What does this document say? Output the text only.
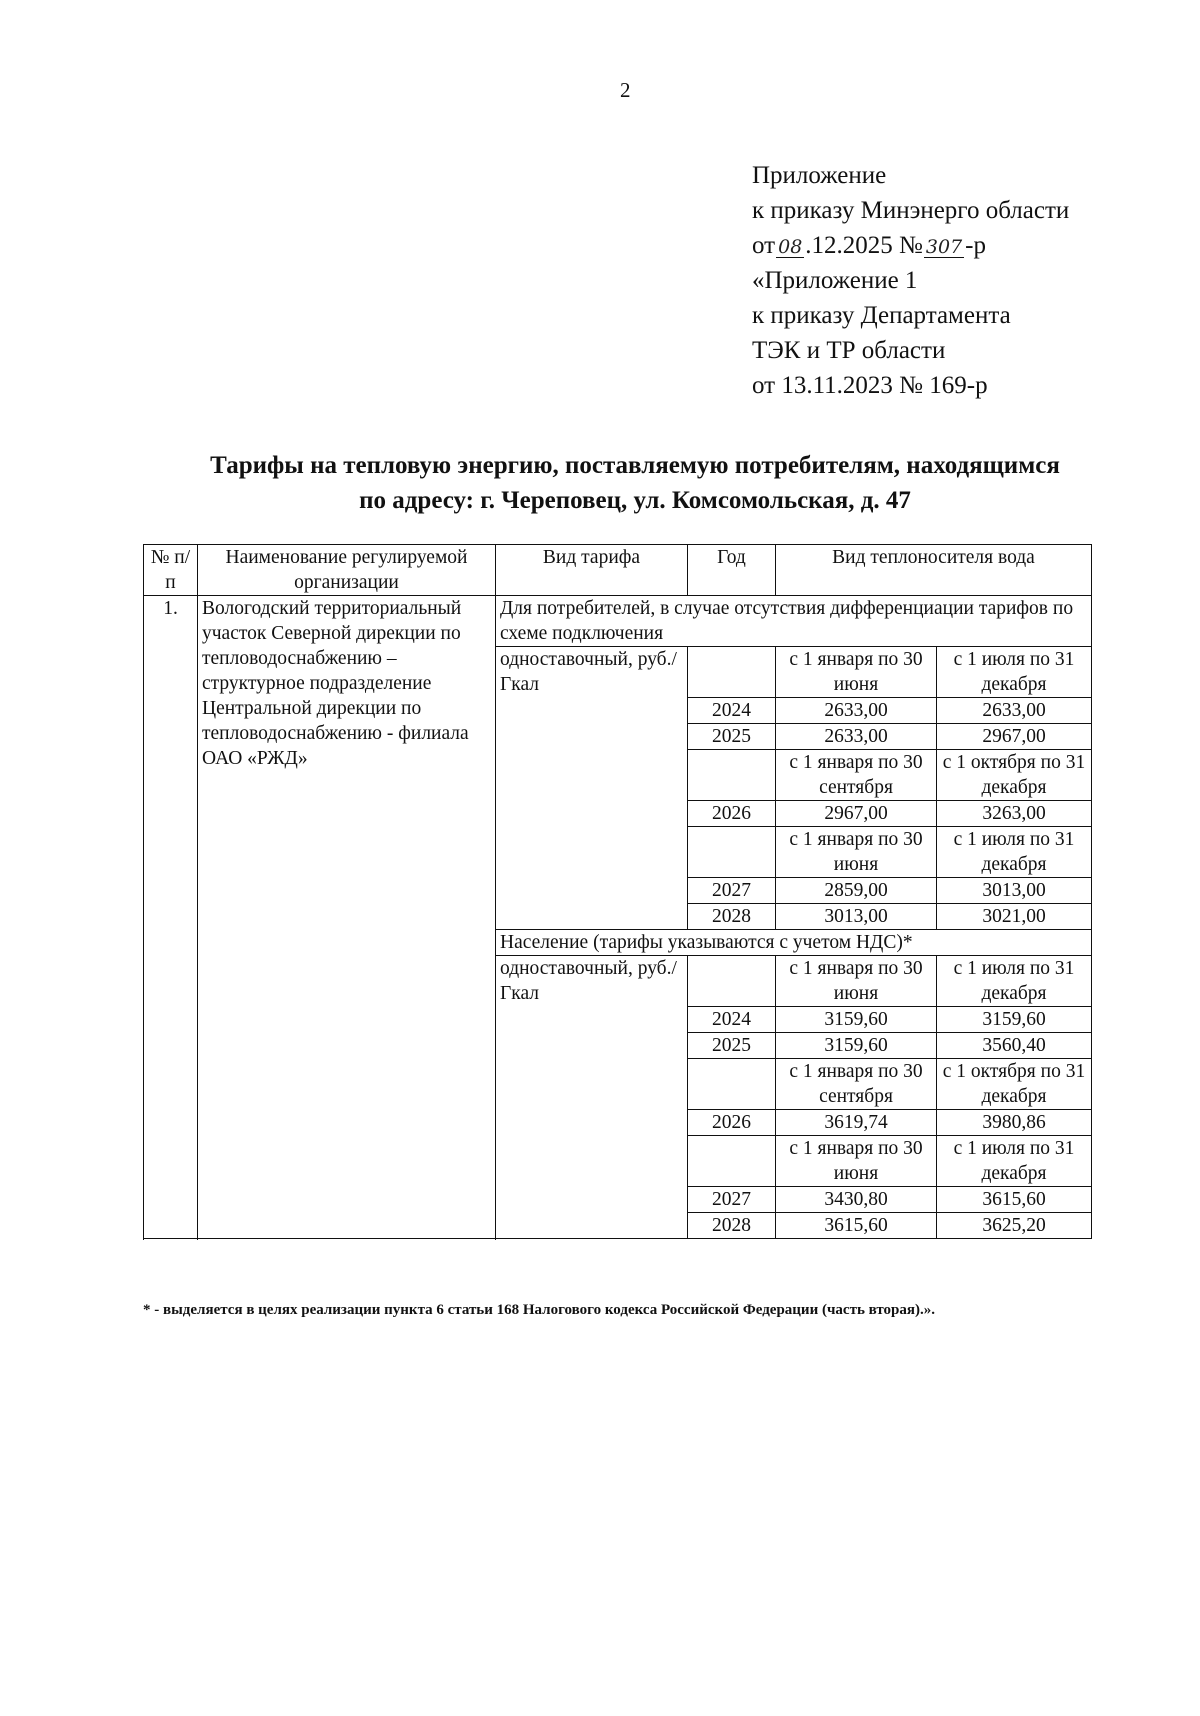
2
Приложение
к приказу Минэнерго области
от 08 .12.2025 № 307 -р
«Приложение 1
к приказу Департамента
ТЭК и ТР области
от 13.11.2023 № 169-р
Тарифы на тепловую энергию, поставляемую потребителям, находящимся
по адресу: г. Череповец, ул. Комсомольская, д. 47
№ п/п	Наименование регулируемой организации	Вид тарифа	Год	Вид теплоносителя вода	
1.	Вологодский территориальный участок Северной дирекции по тепловодоснабжению – структурное подразделение Центральной дирекции по тепловодоснабжению - филиала ОАО «РЖД»	Для потребителей, в случае отсутствия дифференциации тарифов по схеме подключения			
		одноставочный, руб./Гкал		с 1 января по 30 июня	с 1 июля по 31 декабря

			2024	2633,00	2633,00
			2025	2633,00	2967,00
				с 1 января по 30 сентября	с 1 октября по 31 декабря

			2026	2967,00	3263,00
				с 1 января по 30 июня	с 1 июля по 31 декабря

			2027	2859,00	3013,00
			2028	3013,00	3021,00

		Население (тарифы указываются с учетом НДС)*			
		одноставочный, руб./Гкал		с 1 января по 30 июня	с 1 июля по 31 декабря

			2024	3159,60	3159,60
			2025	3159,60	3560,40
				с 1 января по 30 сентября	с 1 октября по 31 декабря

			2026	3619,74	3980,86
				с 1 января по 30 июня	с 1 июля по 31 декабря

			2027	3430,80	3615,60
			2028	3615,60	3625,20

* - выделяется в целях реализации пункта 6 статьи 168 Налогового кодекса Российской Федерации (часть вторая).».
